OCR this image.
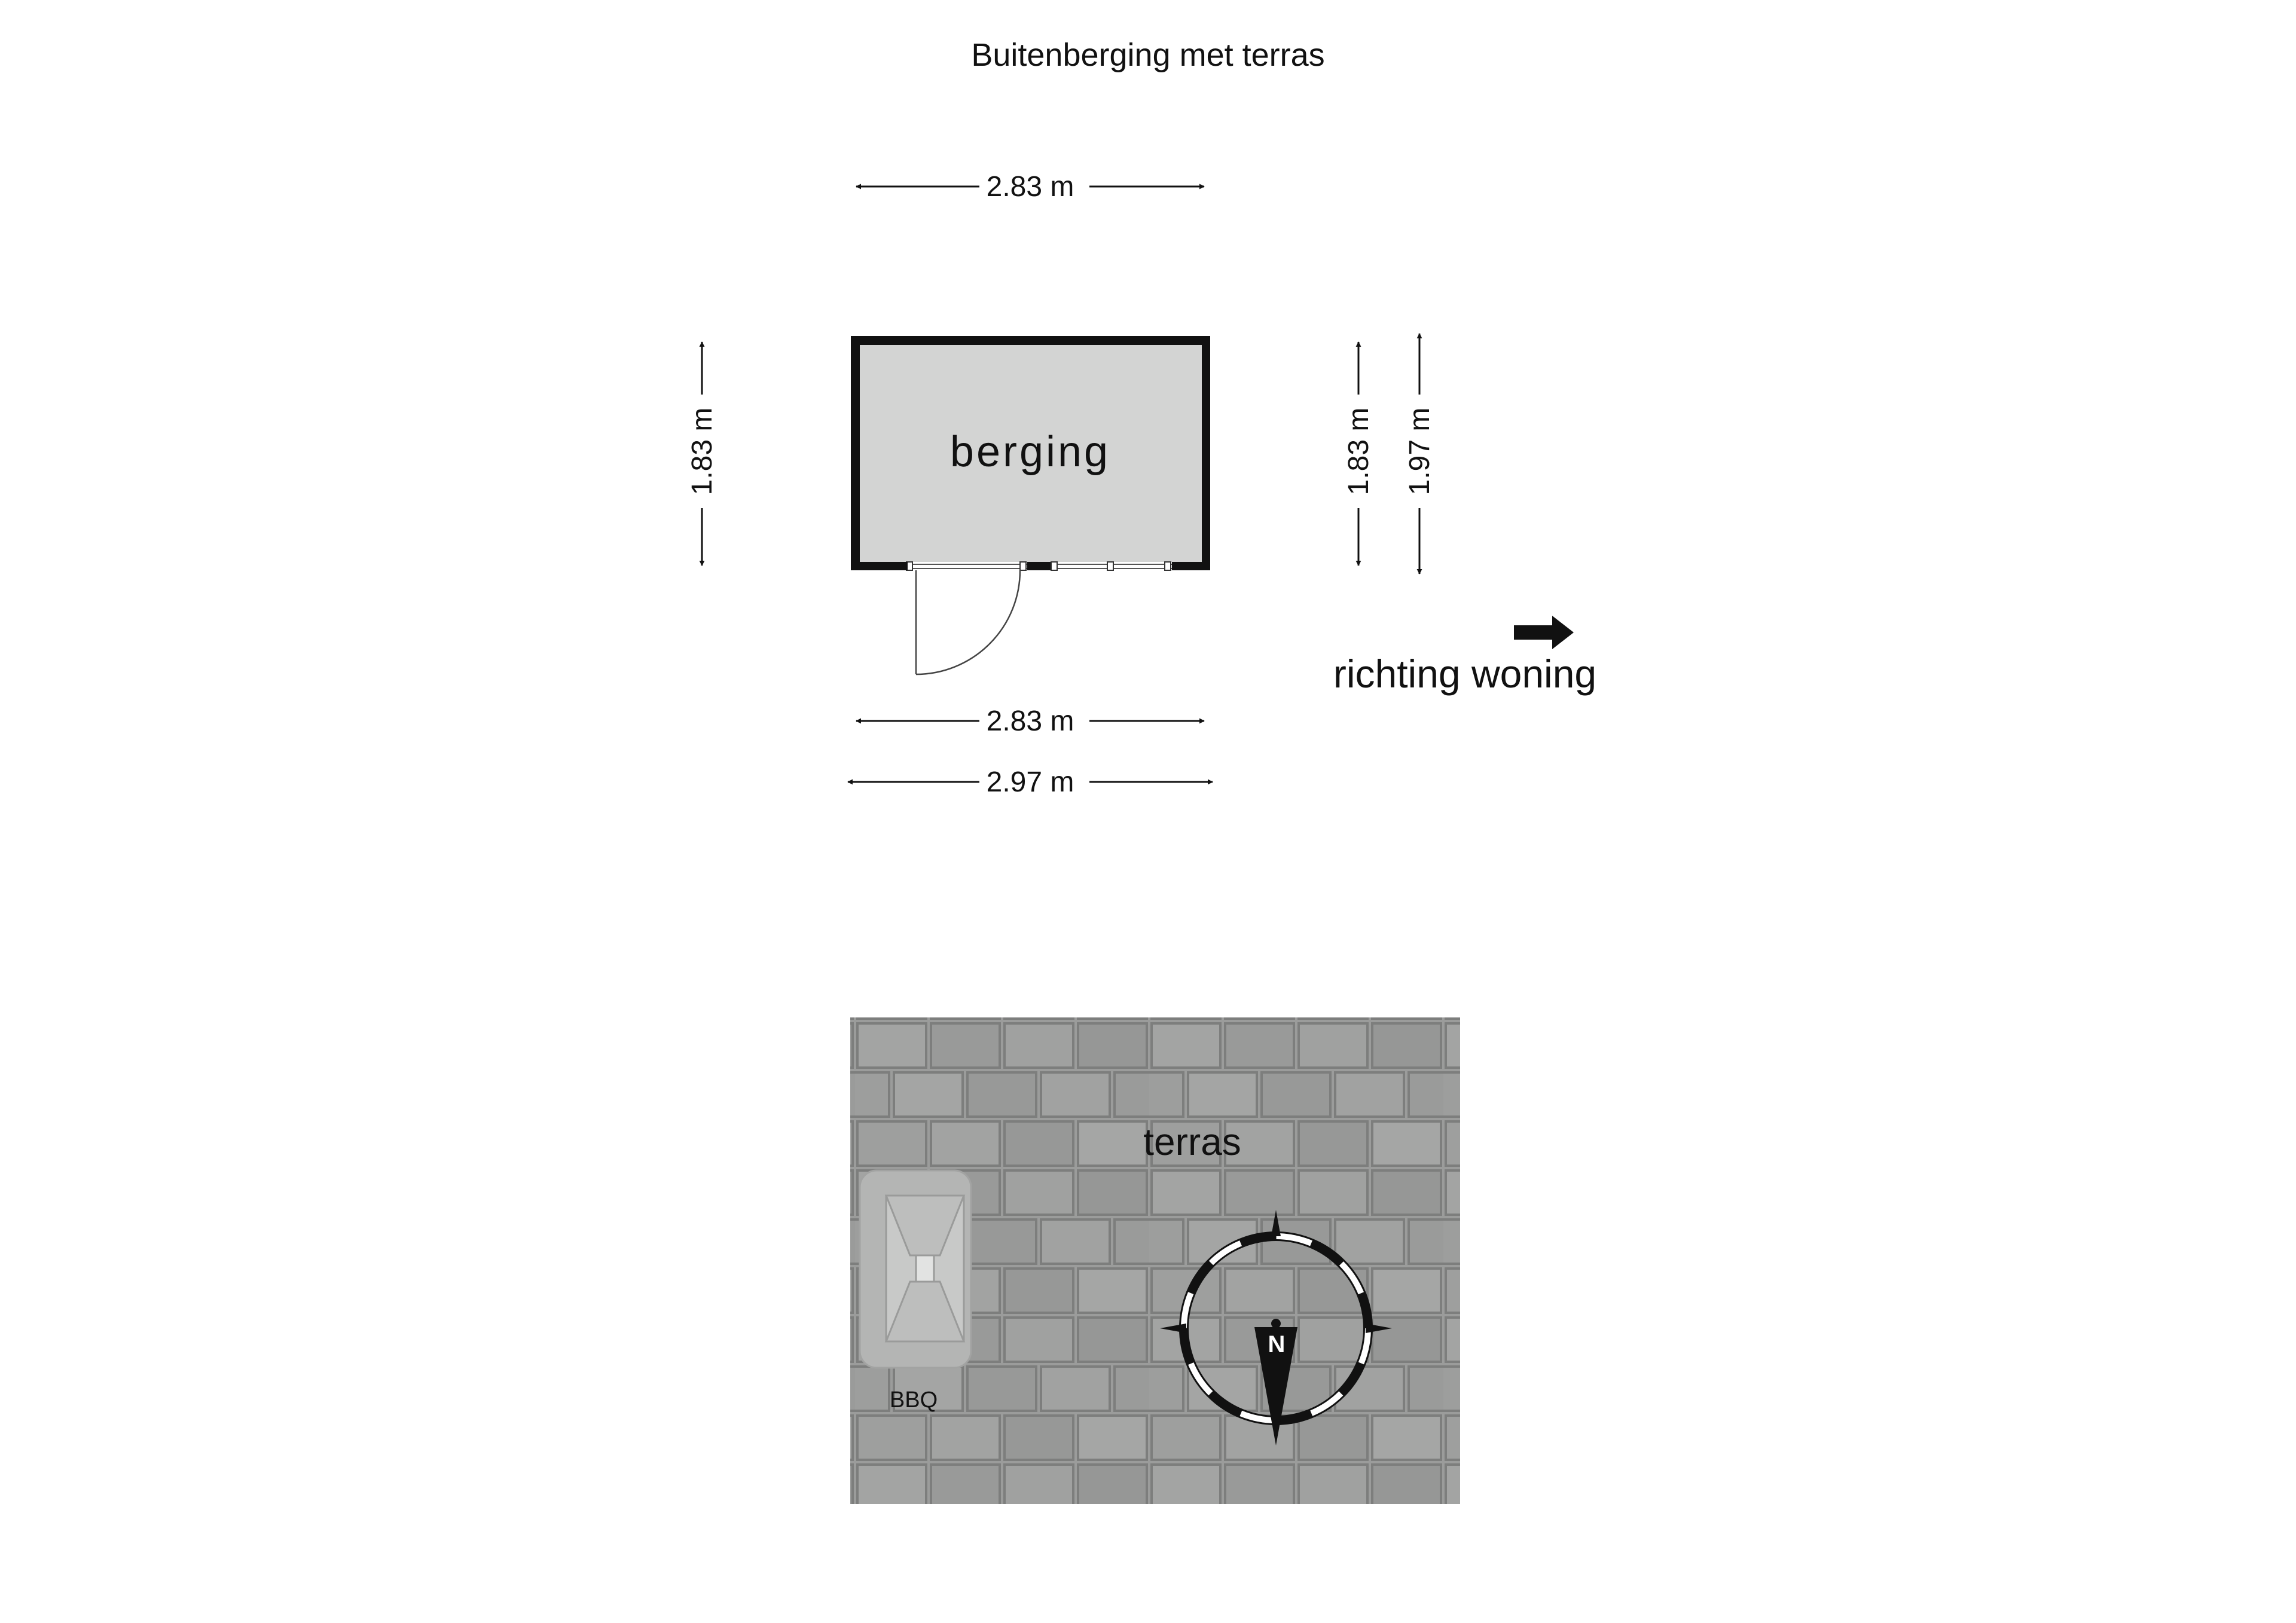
Buitenberging met terras
2.83 m
berging
1.83 m	1.83 m 1.97 m
2.83 m
2.97 m
richting woning
terras
BBQ
N
